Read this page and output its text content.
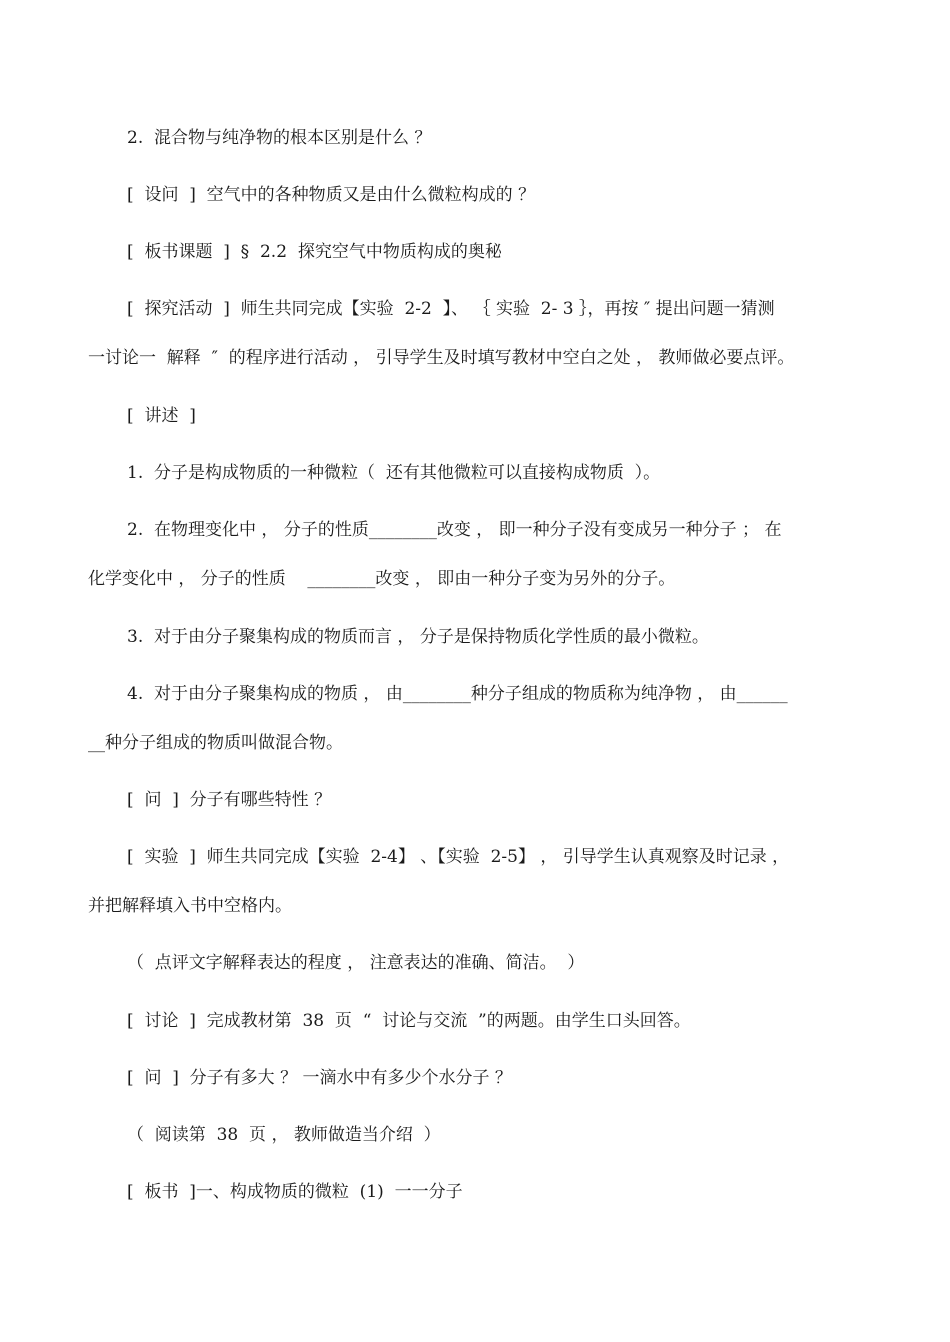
2.  混合物与纯净物的根本区别是什么 ？
[  设问  ]  空气中的各种物质又是由什么微粒构成的 ？
[  板书课题  ]  §  2.2  探究空气中物质构成的奥秘
[  探究活动  ]  师生共同完成【实验  2-2  】、 ｛ 实验  2- 3 ｝，再按 ″ 提出问题一猜测
一讨论一  解释  ″  的程序进行活动 ， 引导学生及时填写教材中空白之处 ， 教师做必要点评。
[  讲述  ]
1.  分子是构成物质的一种微粒（  还有其他微粒可以直接构成物质  ）。
2.  在物理变化中 ， 分子的性质________改变 ， 即一种分子没有变成另一种分子 ； 在
化学变化中 ， 分子的性质    ________改变 ， 即由一种分子变为另外的分子。
3.  对于由分子聚集构成的物质而言 ， 分子是保持物质化学性质的最小微粒。
4.  对于由分子聚集构成的物质 ， 由________种分子组成的物质称为纯净物 ， 由______
__种分子组成的物质叫做混合物。
[  问  ]  分子有哪些特性 ？
[  实验  ]  师生共同完成【实验  2-4】 、【实验  2-5】 ， 引导学生认真观察及时记录 ，
并把解释填入书中空格内。
（  点评文字解释表达的程度 ， 注意表达的准确、简洁。  ）
[  讨论  ]  完成教材第  38  页  “  讨论与交流  ”的两题。由学生口头回答。
[  问  ]  分子有多大 ？ 一滴水中有多少个水分子 ？
（  阅读第  38  页 ， 教师做造当介绍  ）
[  板书  ]一、构成物质的微粒  (1)  一一分子
